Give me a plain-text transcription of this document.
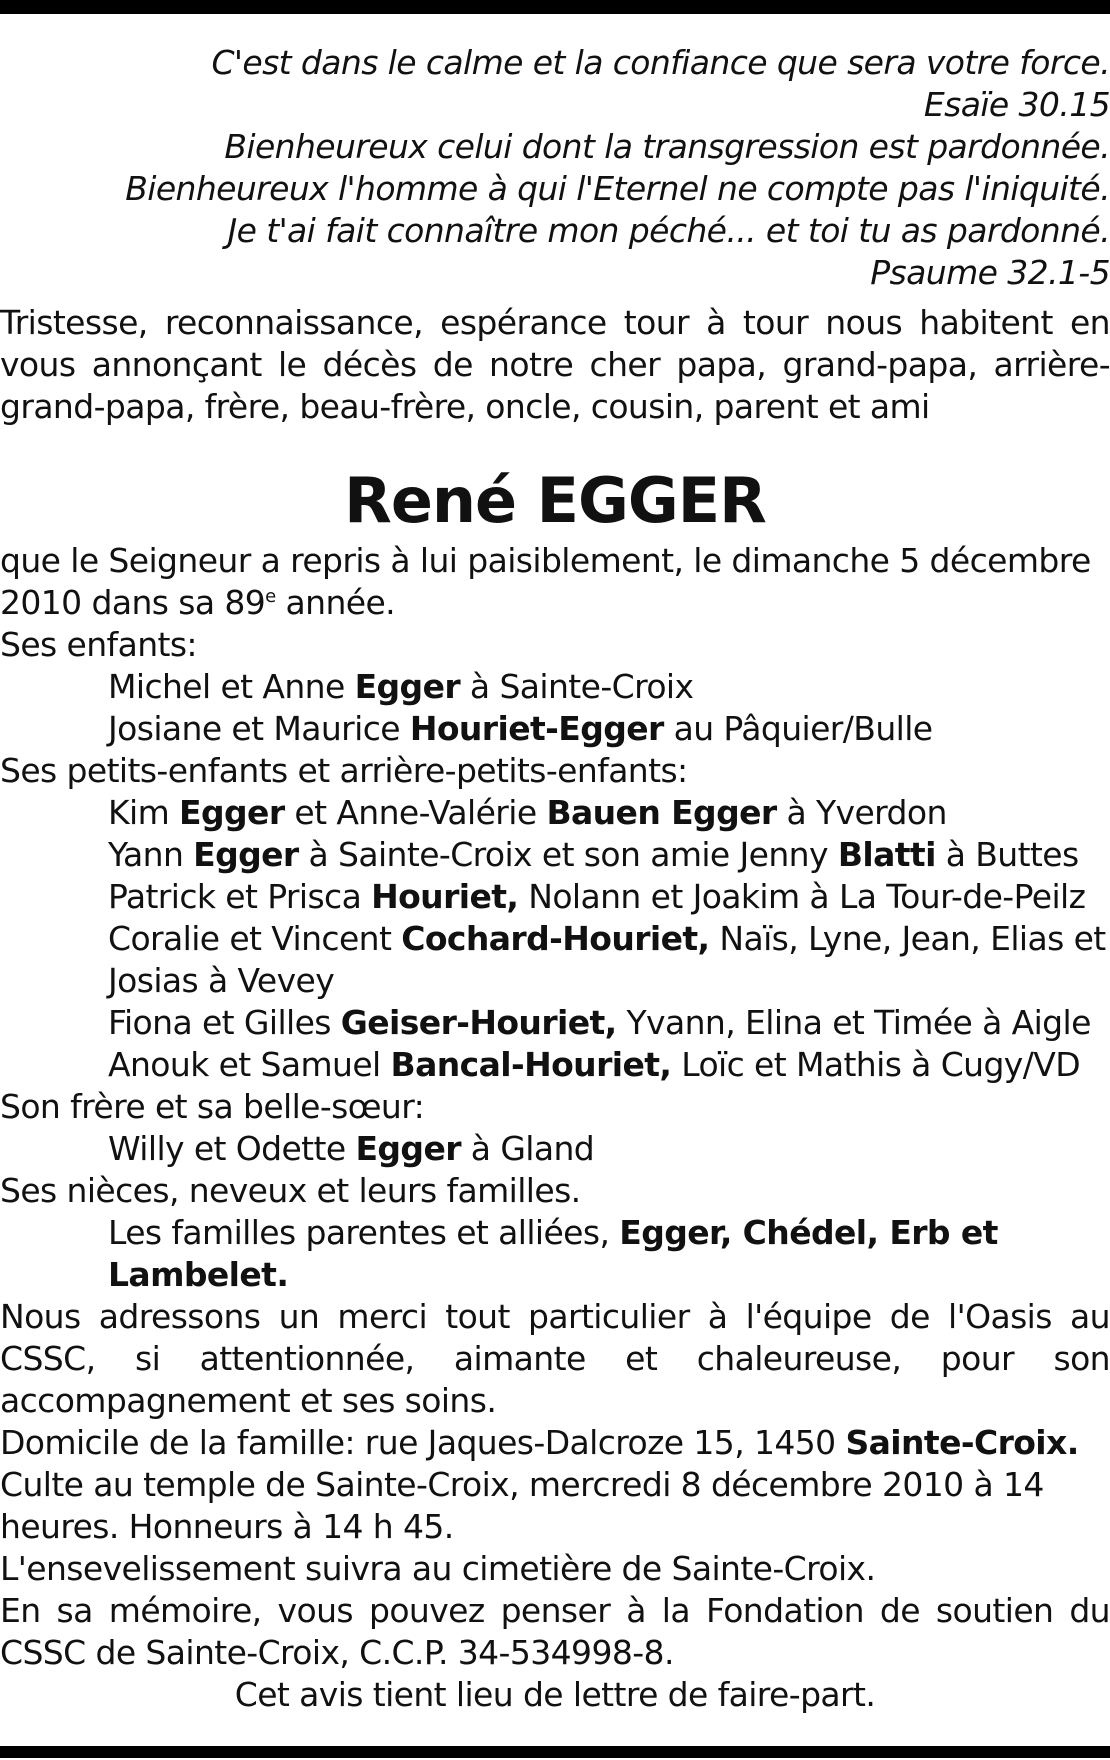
C'est dans le calme et la confiance que sera votre force.
Esaïe 30.15
Bienheureux celui dont la transgression est pardonnée.
Bienheureux l'homme à qui l'Eternel ne compte pas l'iniquité.
Je t'ai fait connaître mon péché... et toi tu as pardonné.
Psaume 32.1-5

Tristesse, reconnaissance, espérance tour à tour nous habitent en vous annonçant le décès de notre cher papa, grand-papa, arrière-grand-papa, frère, beau-frère, oncle, cousin, parent et ami

René EGGER

que le Seigneur a repris à lui paisiblement, le dimanche 5 décembre 2010 dans sa 89e année.

Ses enfants:

Michel et Anne Egger à Sainte-Croix

Josiane et Maurice Houriet-Egger au Pâquier/Bulle

Ses petits-enfants et arrière-petits-enfants:

Kim Egger et Anne-Valérie Bauen Egger à Yverdon

Yann Egger à Sainte-Croix et son amie Jenny Blatti à Buttes

Patrick et Prisca Houriet, Nolann et Joakim à La Tour-de-Peilz

Coralie et Vincent Cochard-Houriet, Naïs, Lyne, Jean, Elias et Josias à Vevey

Fiona et Gilles Geiser-Houriet, Yvann, Elina et Timée à Aigle

Anouk et Samuel Bancal-Houriet, Loïc et Mathis à Cugy/VD

Son frère et sa belle-sœur:

Willy et Odette Egger à Gland

Ses nièces, neveux et leurs familles.

Les familles parentes et alliées, Egger, Chédel, Erb et Lambelet.

Nous adressons un merci tout particulier à l'équipe de l'Oasis au CSSC, si attentionnée, aimante et chaleureuse, pour son accompagnement et ses soins.

Domicile de la famille: rue Jaques-Dalcroze 15, 1450 Sainte-Croix.

Culte au temple de Sainte-Croix, mercredi 8 décembre 2010 à 14 heures. Honneurs à 14 h 45.

L'ensevelissement suivra au cimetière de Sainte-Croix.

En sa mémoire, vous pouvez penser à la Fondation de soutien du CSSC de Sainte-Croix, C.C.P. 34-534998-8.

Cet avis tient lieu de lettre de faire-part.
